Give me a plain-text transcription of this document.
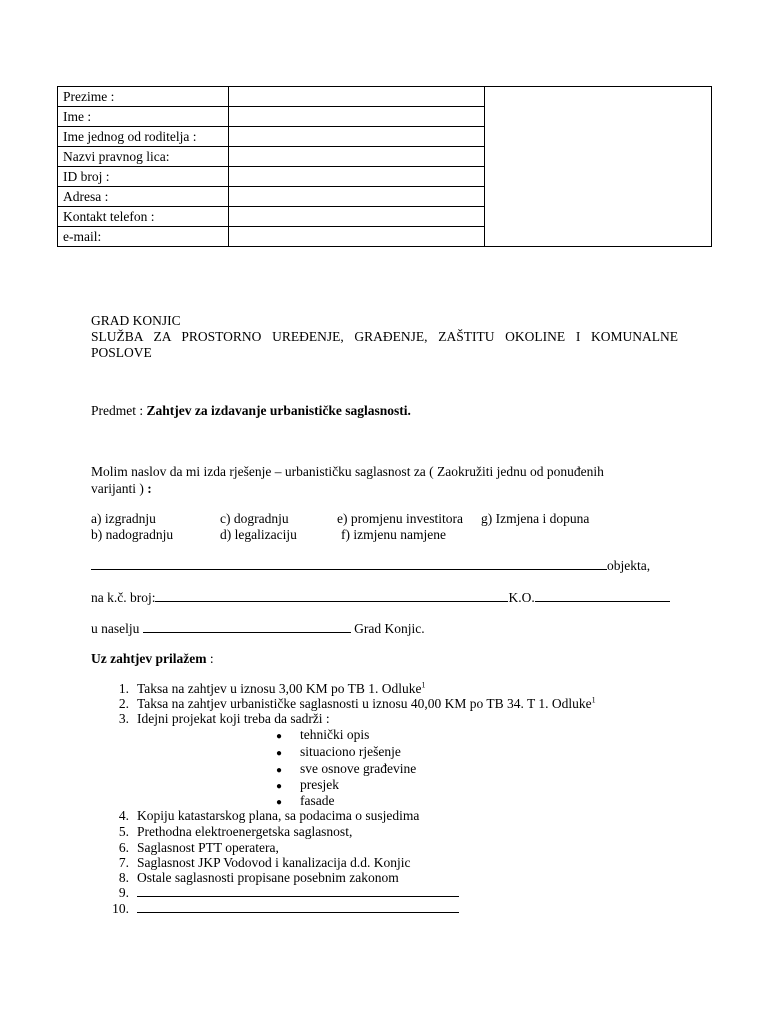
Prezime :		
Ime :		
Ime jednog od roditelja :		
Nazvi pravnog lica:		
ID broj :		
Adresa :		
Kontakt telefon :		
e-mail:		
GRAD KONJIC
SLUŽBA ZA PROSTORNO UREĐENJE, GRAĐENJE, ZAŠTITU OKOLINE I KOMUNALNE
POSLOVE
Predmet : Zahtjev za izdavanje urbanističke saglasnosti.
Molim naslov da mi izda rješenje – urbanističku saglasnost za ( Zaokružiti jednu od ponuđenih
varijanti ) :
a) izgradnju	c) dogradnju	e) promjenu investitora g) Izmjena i dopuna
b) nadogradnju	d) legalizaciju	f) izmjenu namjene
objekta,
na k.č. broj:	K.O.
u naselju	Grad Konjic.
Uz zahtjev prilažem :
1. Taksa na zahtjev u iznosu 3,00 KM po TB 1. Odluke$^1$
2. Taksa na zahtjev urbanističke saglasnosti u iznosu 40,00 KM po TB 34. T 1. Odluke$^1$
3. Idejni projekat koji treba da sadrži :
● tehnički opis
● situaciono rješenje
● sve osnove građevine
● presjek
● fasade
4. Kopiju katastarskog plana, sa podacima o susjedima
5. Prethodna elektroenergetska saglasnost,
6. Saglasnost PTT operatera,
7. Saglasnost JKP Vodovod i kanalizacija d.d. Konjic
8. Ostale saglasnosti propisane posebnim zakonom
9.
10.
